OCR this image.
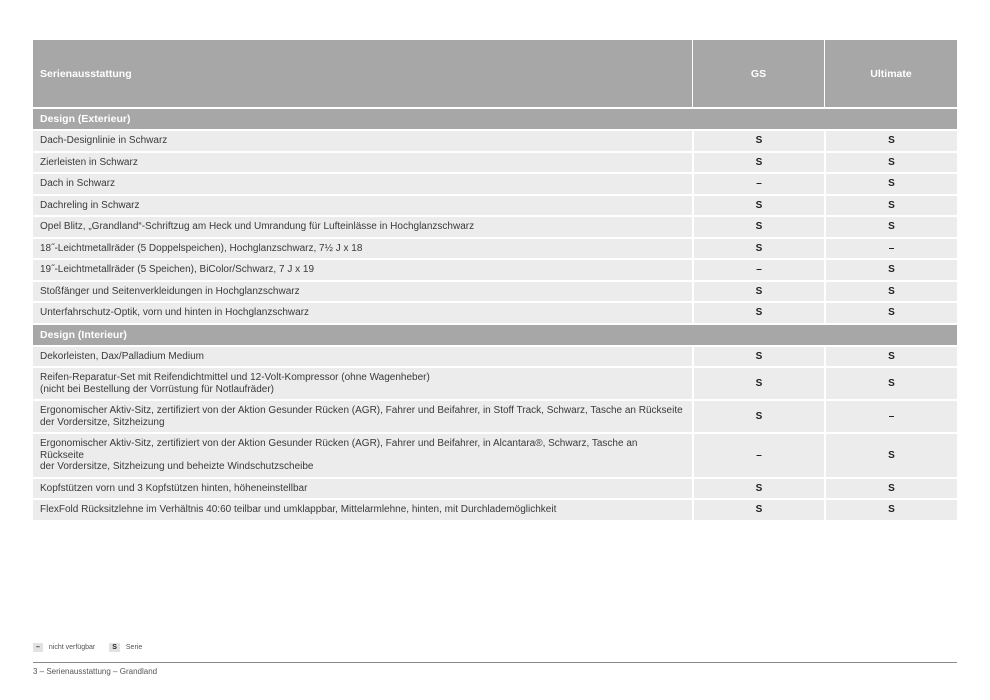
Serienausstattung	GS	Ultimate

Design (Exterieur)		
Dach-Designlinie in Schwarz	S	S
Zierleisten in Schwarz	S	S
Dach in Schwarz	–	S
Dachreling in Schwarz	S	S
Opel Blitz, „Grandland“-Schriftzug am Heck und Umrandung für Lufteinlässe in Hochglanzschwarz	S	S
18˝-Leichtmetallräder (5 Doppelspeichen), Hochglanzschwarz, 7½ J x 18	S	–
19˝-Leichtmetallräder (5 Speichen), BiColor/Schwarz, 7 J x 19	–	S
Stoßfänger und Seitenverkleidungen in Hochglanzschwarz	S	S
Unterfahrschutz-Optik, vorn und hinten in Hochglanzschwarz	S	S
Design (Interieur)		
Dekorleisten, Dax/Palladium Medium	S	S

Reifen-Reparatur-Set mit Reifendichtmittel und 12-Volt-Kompressor (ohne Wagenheber)
(nicht bei Bestellung der Vorrüstung für Notlaufräder)	S	S

Ergonomischer Aktiv-Sitz, zertifiziert von der Aktion Gesunder Rücken (AGR), Fahrer und Beifahrer, in Stoff Track, Schwarz, Tasche an Rückseite
der Vordersitze, Sitzheizung	S	–

Ergonomischer Aktiv-Sitz, zertifiziert von der Aktion Gesunder Rücken (AGR), Fahrer und Beifahrer, in Alcantara®, Schwarz, Tasche an Rückseite
der Vordersitze, Sitzheizung und beheizte Windschutzscheibe	–	S
Kopfstützen vorn und 3 Kopfstützen hinten, höheneinstellbar	S	S
FlexFold Rücksitzlehne im Verhältnis 40:60 teilbar und umklappbar, Mittelarmlehne, hinten, mit Durchlademöglichkeit	S	S
–	nicht verfügbar	S	Serie
3 – Serienausstattung – Grandland
